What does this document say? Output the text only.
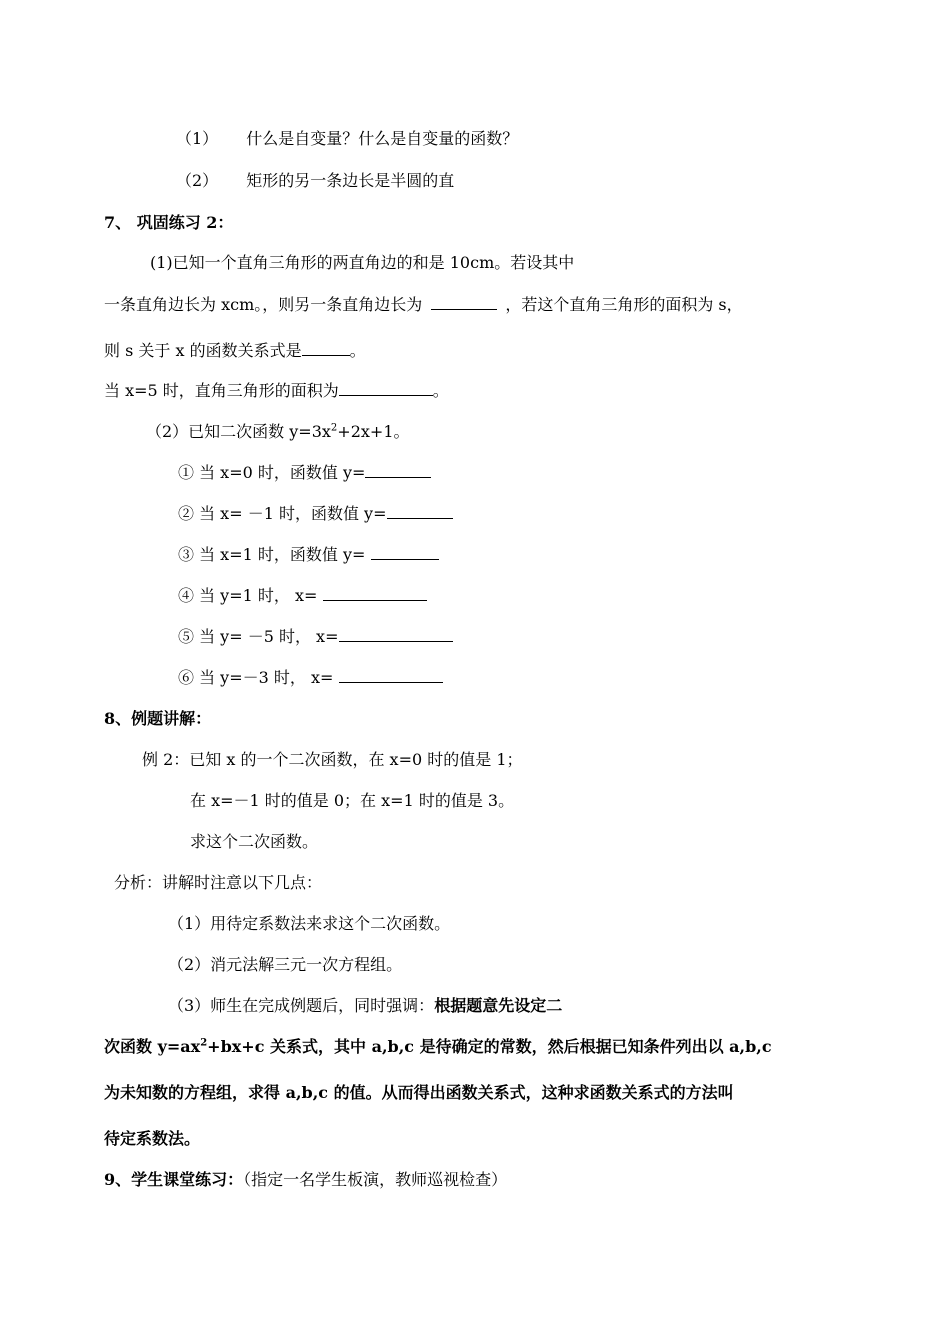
（1） 什么是自变量？什么是自变量的函数？
（2） 矩形的另一条边长是半圆的直
7、 巩固练习 2：
(1)已知一个直角三角形的两直角边的和是 10cm。若设其中
一条直角边长为 xcm。，则另一条直角边长为	，若这个直角三角形的面积为 s，
则 s 关于 x 的函数关系式是	。
当 x=5 时，直角三角形的面积为	。
（2）已知二次函数 $y=3x^2+2x+1$。
① 当 x=0 时，函数值 y=
② 当 x= －1 时，函数值 y=
③ 当 x=1 时，函数值 y=
④ 当 y=1 时， x=
⑤ 当 y= －5 时， x=
⑥ 当 y=－3 时， x=
8、例题讲解：
例 2：已知 x 的一个二次函数，在 x=0 时的值是 1；
在 x=－1 时的值是 0；在 x=1 时的值是 3。
求这个二次函数。
分析：讲解时注意以下几点：
（1）用待定系数法来求这个二次函数。
（2）消元法解三元一次方程组。
（3）师生在完成例题后，同时强调：根据题意先设定二
次函数 $y=ax^2+bx+c$ 关系式，其中 a,b,c 是待确定的常数，然后根据已知条件列出以 a,b,c
为未知数的方程组，求得 a,b,c 的值。从而得出函数关系式，这种求函数关系式的方法叫
待定系数法。
9、学生课堂练习：（指定一名学生板演，教师巡视检查）
